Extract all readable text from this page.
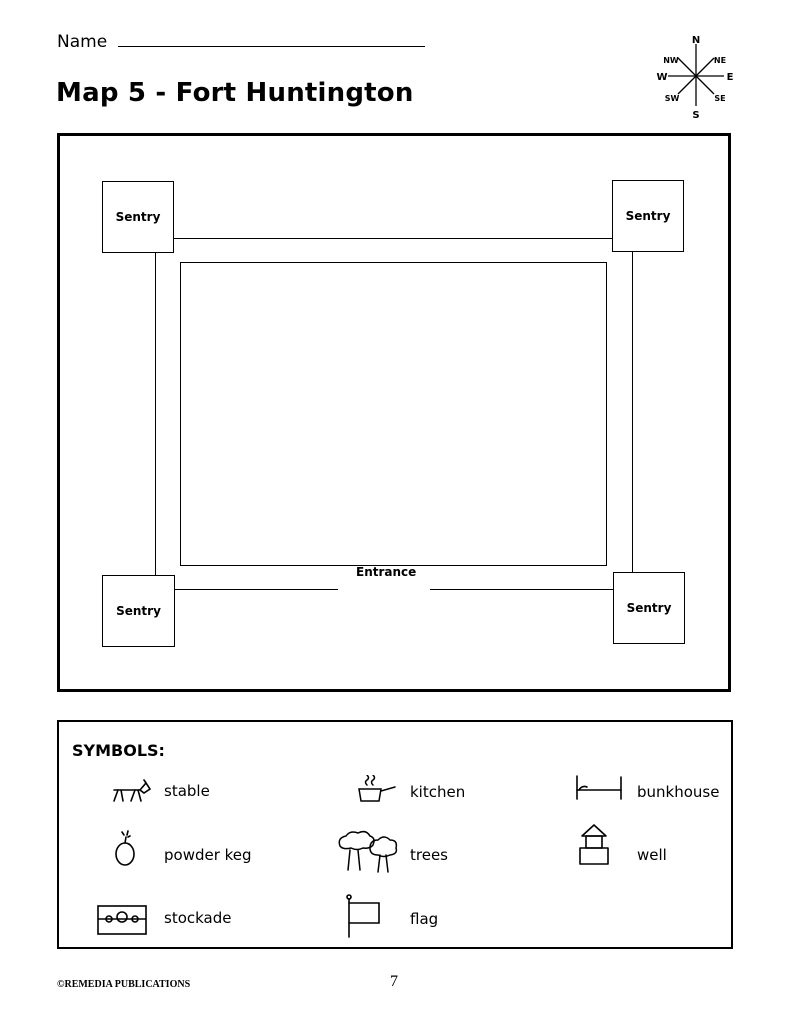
Name
Map 5 - Fort Huntington
N
S
E
W
NE
NW
SE
SW
Entrance
Sentry	Sentry
Sentry	Sentry
SYMBOLS:
stable	kitchen	bunkhouse
powder keg	trees	well
stockade	flag
©REMEDIA PUBLICATIONS	7
